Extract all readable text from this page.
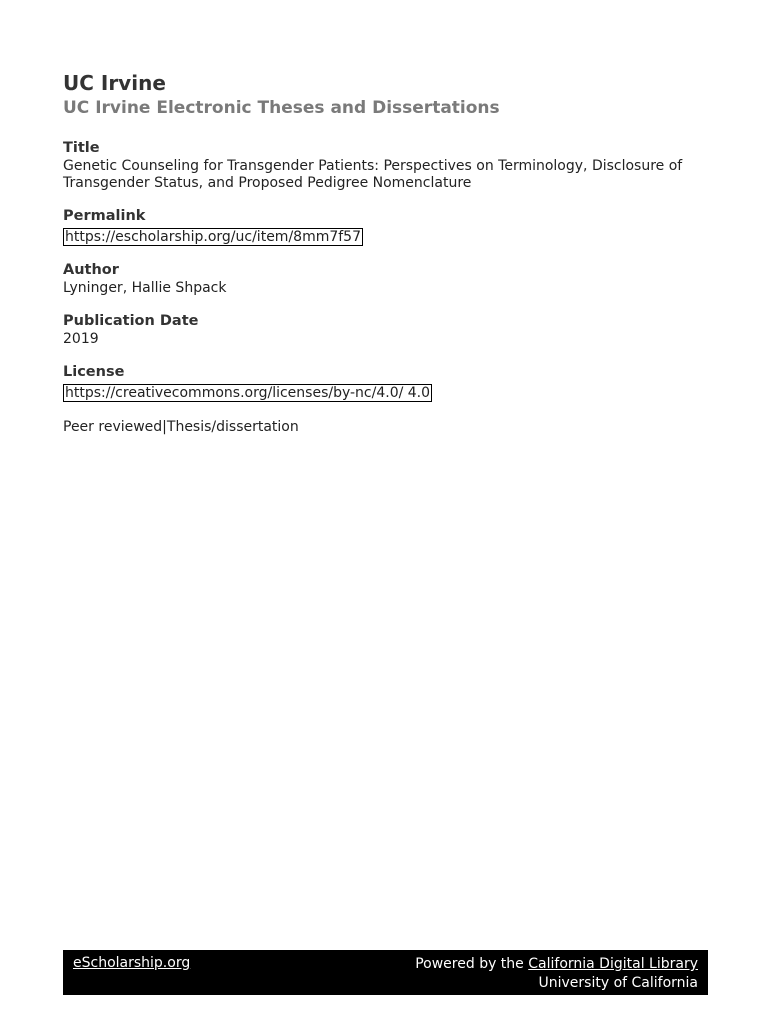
UC Irvine
UC Irvine Electronic Theses and Dissertations

Title

Genetic Counseling for Transgender Patients: Perspectives on Terminology, Disclosure of

Transgender Status, and Proposed Pedigree Nomenclature

Permalink

https://escholarship.org/uc/item/8mm7f57

Author

Lyninger, Hallie Shpack

Publication Date

2019

License

https://creativecommons.org/licenses/by-nc/4.0/ 4.0

Peer reviewed|Thesis/dissertation

eScholarship.org	Powered by the California Digital Library
University of California
